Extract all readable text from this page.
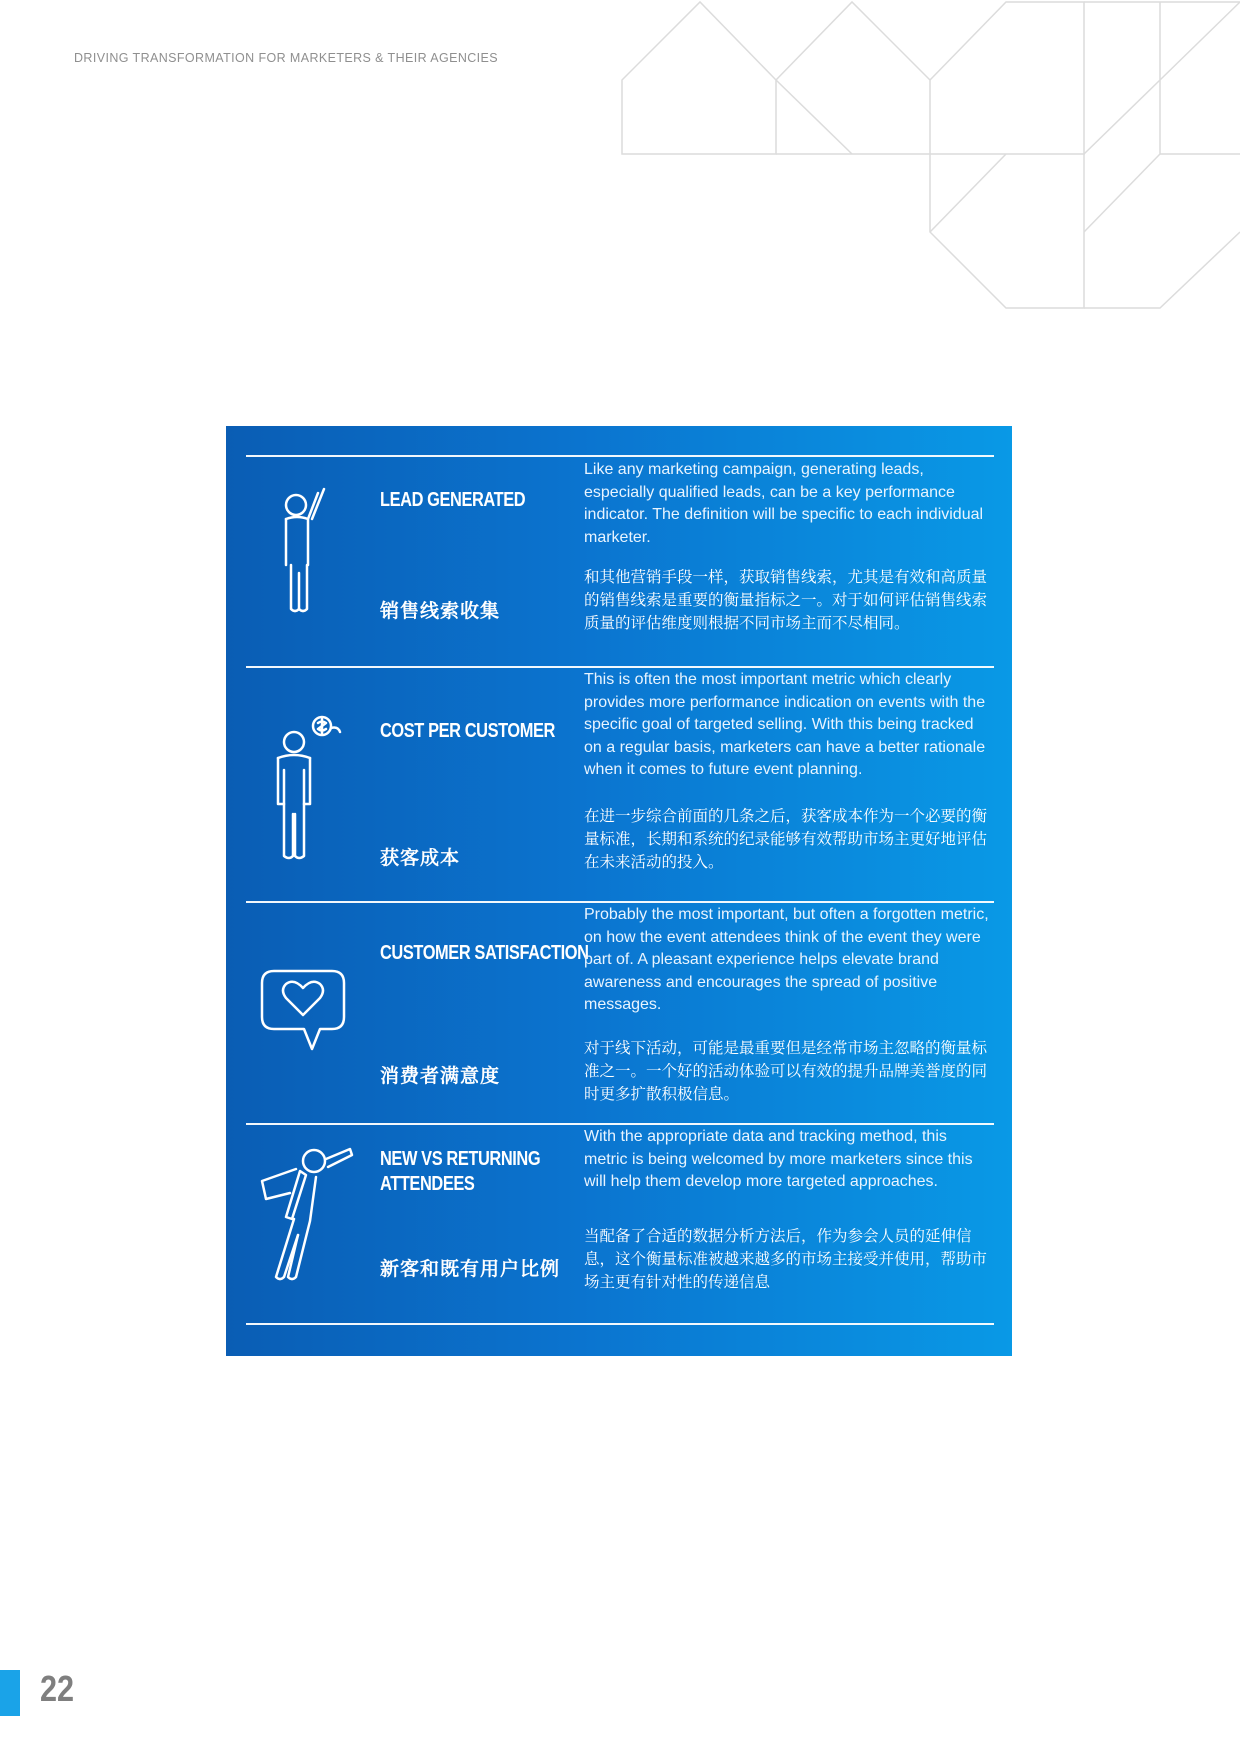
DRIVING TRANSFORMATION FOR MARKETERS & THEIR AGENCIES
LEAD GENERATED
销售线索收集
Like any marketing campaign, generating leads, especially qualified leads, can be a key performance indicator. The definition will be specific to each individual marketer.
和其他营销手段一样，获取销售线索，尤其是有效和高质量的销售线索是重要的衡量指标之一。对于如何评估销售线索质量的评估维度则根据不同市场主而不尽相同。
COST PER CUSTOMER
获客成本
This is often the most important metric which clearly provides more performance indication on events with the specific goal of targeted selling. With this being tracked on a regular basis, marketers can have a better rationale when it comes to future event planning.
在进一步综合前面的几条之后，获客成本作为一个必要的衡量标准，长期和系统的纪录能够有效帮助市场主更好地评估在未来活动的投入。
CUSTOMER SATISFACTION
消费者满意度
Probably the most important, but often a forgotten metric, on how the event attendees think of the event they were part of. A pleasant experience helps elevate brand awareness and encourages the spread of positive messages.
对于线下活动，可能是最重要但是经常市场主忽略的衡量标准之一。一个好的活动体验可以有效的提升品牌美誉度的同时更多扩散积极信息。
NEW VS RETURNING ATTENDEES
新客和既有用户比例
With the appropriate data and tracking method, this metric is being welcomed by more marketers since this will help them develop more targeted approaches.
当配备了合适的数据分析方法后，作为参会人员的延伸信息，这个衡量标准被越来越多的市场主接受并使用，帮助市场主更有针对性的传递信息
22
